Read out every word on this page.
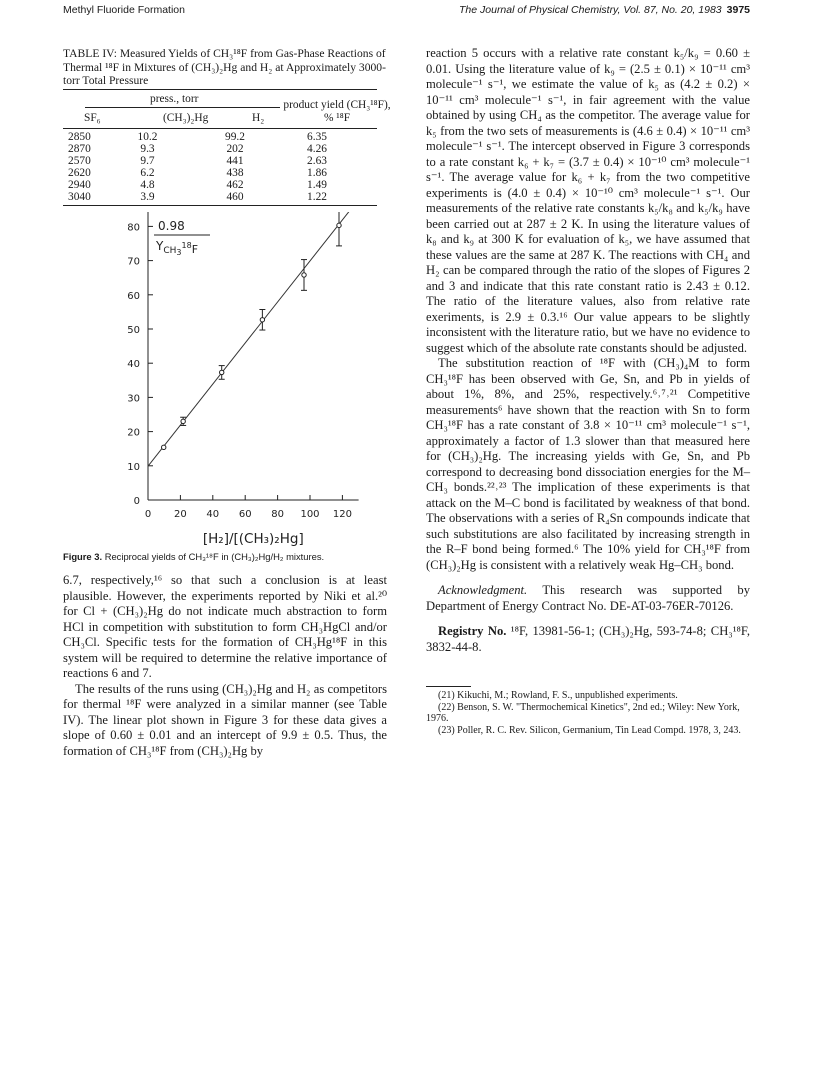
Methyl Fluoride Formation	The Journal of Physical Chemistry, Vol. 87, No. 20, 1983 3975
TABLE IV: Measured Yields of CH₃¹⁸F from Gas-Phase Reactions of Thermal ¹⁸F in Mixtures of (CH₃)₂Hg and H₂ at Approximately 3000-torr Total Pressure
press., torr	product yield (CH₃¹⁸F), % ¹⁸F
SF₆	(CH₃)₂Hg	H₂
2850	10.2	99.2	6.35
2870	9.3	202	4.26
2570	9.7	441	2.63
2620	6.2	438	1.86
2940	4.8	462	1.49
3040	3.9	460	1.22
0
10
20
30
40
50
60
70
80
0 20 40 60 80 100 120
0.98
$Y_{CH}3^{18}F$
[H₂]/[(CH₃)₂Hg]
Figure 3. Reciprocal yields of CH₃¹⁸F in (CH₃)₂Hg/H₂ mixtures.

6.7, respectively,¹⁶ so that such a conclusion is at least plausible. However, the experiments reported by Niki et al.²⁰ for Cl + (CH₃)₂Hg do not indicate much abstraction to form HCl in competition with substitution to form CH₃HgCl and/or CH₃Cl. Specific tests for the formation of CH₃Hg¹⁸F in this system will be required to determine the relative importance of reactions 6 and 7.

The results of the runs using (CH₃)₂Hg and H₂ as competitors for thermal ¹⁸F were analyzed in a similar manner (see Table IV). The linear plot shown in Figure 3 for these data gives a slope of 0.60 ± 0.01 and an intercept of 9.9 ± 0.5. Thus, the formation of CH₃¹⁸F from (CH₃)₂Hg by

reaction 5 occurs with a relative rate constant k₅/k₉ = 0.60 ± 0.01. Using the literature value of k₉ = (2.5 ± 0.1) × 10⁻¹¹ cm³ molecule⁻¹ s⁻¹, we estimate the value of k₅ as (4.2 ± 0.2) × 10⁻¹¹ cm³ molecule⁻¹ s⁻¹, in fair agreement with the value obtained by using CH₄ as the competitor. The average value for k₅ from the two sets of measurements is (4.6 ± 0.4) × 10⁻¹¹ cm³ molecule⁻¹ s⁻¹. The intercept observed in Figure 3 corresponds to a rate constant k₆ + k₇ = (3.7 ± 0.4) × 10⁻¹⁰ cm³ molecule⁻¹ s⁻¹. The average value for k₆ + k₇ from the two competitive experiments is (4.0 ± 0.4) × 10⁻¹⁰ cm³ molecule⁻¹ s⁻¹. Our measurements of the relative rate constants k₅/k₈ and k₅/k₉ have been carried out at 287 ± 2 K. In using the literature values of k₈ and k₉ at 300 K for evaluation of k₅, we have assumed that these values are the same at 287 K. The reactions with CH₄ and H₂ can be compared through the ratio of the slopes of Figures 2 and 3 and indicate that this rate constant ratio is 2.43 ± 0.12. The ratio of the literature values, also from relative rate exeriments, is 2.9 ± 0.3.¹⁶ Our value appears to be slightly inconsistent with the literature ratio, but we have no evidence to suggest which of the absolute rate constants should be adjusted.

The substitution reaction of ¹⁸F with (CH₃)₄M to form CH₃¹⁸F has been observed with Ge, Sn, and Pb in yields of about 1%, 8%, and 25%, respectively.⁶˒⁷˒²¹ Competitive measurements⁶ have shown that the reaction with Sn to form CH₃¹⁸F has a rate constant of 3.8 × 10⁻¹¹ cm³ molecule⁻¹ s⁻¹, approximately a factor of 1.3 slower than that measured here for (CH₃)₂Hg. The increasing yields with Ge, Sn, and Pb correspond to decreasing bond dissociation energies for the M–CH₃ bonds.²²˒²³ The implication of these experiments is that attack on the M–C bond is facilitated by weakness of that bond. The observations with a series of R₄Sn compounds indicate that such substitutions are also facilitated by increasing strength in the R–F bond being formed.⁶ The 10% yield for CH₃¹⁸F from (CH₃)₂Hg is consistent with a relatively weak Hg–CH₃ bond.

Acknowledgment. This research was supported by Department of Energy Contract No. DE-AT-03-76ER-70126.

Registry No. ¹⁸F, 13981-56-1; (CH₃)₂Hg, 593-74-8; CH₃¹⁸F, 3832-44-8.

(21) Kikuchi, M.; Rowland, F. S., unpublished experiments.

(22) Benson, S. W. "Thermochemical Kinetics", 2nd ed.; Wiley: New York, 1976.

(23) Poller, R. C. Rev. Silicon, Germanium, Tin Lead Compd. 1978, 3, 243.
